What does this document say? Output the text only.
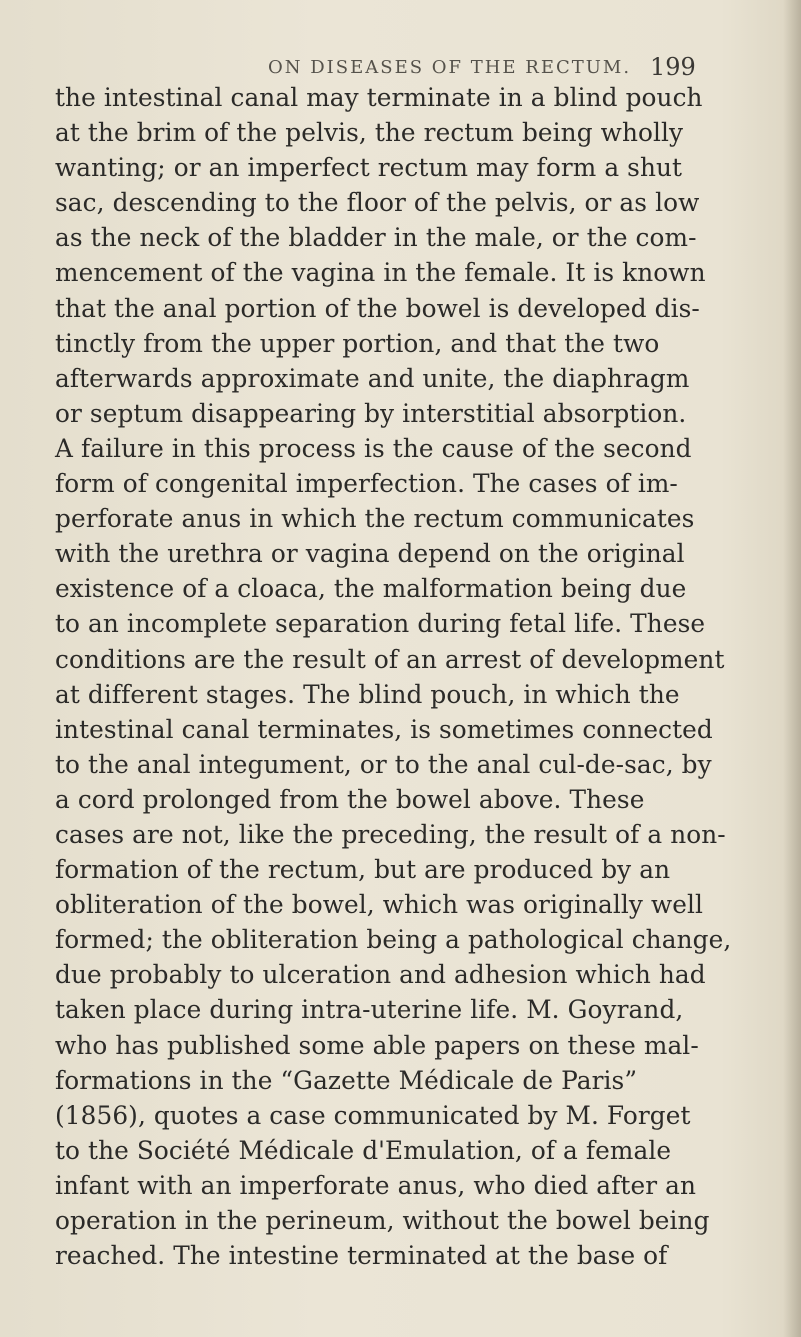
ON DISEASES OF THE RECTUM. 199
the intestinal canal may terminate in a blind pouch
at the brim of the pelvis, the rectum being wholly
wanting; or an imperfect rectum may form a shut
sac, descending to the floor of the pelvis, or as low
as the neck of the bladder in the male, or the com-
mencement of the vagina in the female. It is known
that the anal portion of the bowel is developed dis-
tinctly from the upper portion, and that the two
afterwards approximate and unite, the diaphragm
or septum disappearing by interstitial absorption.
A failure in this process is the cause of the second
form of congenital imperfection. The cases of im-
perforate anus in which the rectum communicates
with the urethra or vagina depend on the original
existence of a cloaca, the malformation being due
to an incomplete separation during fetal life. These
conditions are the result of an arrest of development
at different stages. The blind pouch, in which the
intestinal canal terminates, is sometimes connected
to the anal integument, or to the anal cul-de-sac, by
a cord prolonged from the bowel above. These
cases are not, like the preceding, the result of a non-
formation of the rectum, but are produced by an
obliteration of the bowel, which was originally well
formed; the obliteration being a pathological change,
due probably to ulceration and adhesion which had
taken place during intra-uterine life. M. Goyrand,
who has published some able papers on these mal-
formations in the “Gazette Médicale de Paris”
(1856), quotes a case communicated by M. Forget
to the Société Médicale d'Emulation, of a female
infant with an imperforate anus, who died after an
operation in the perineum, without the bowel being
reached. The intestine terminated at the base of
